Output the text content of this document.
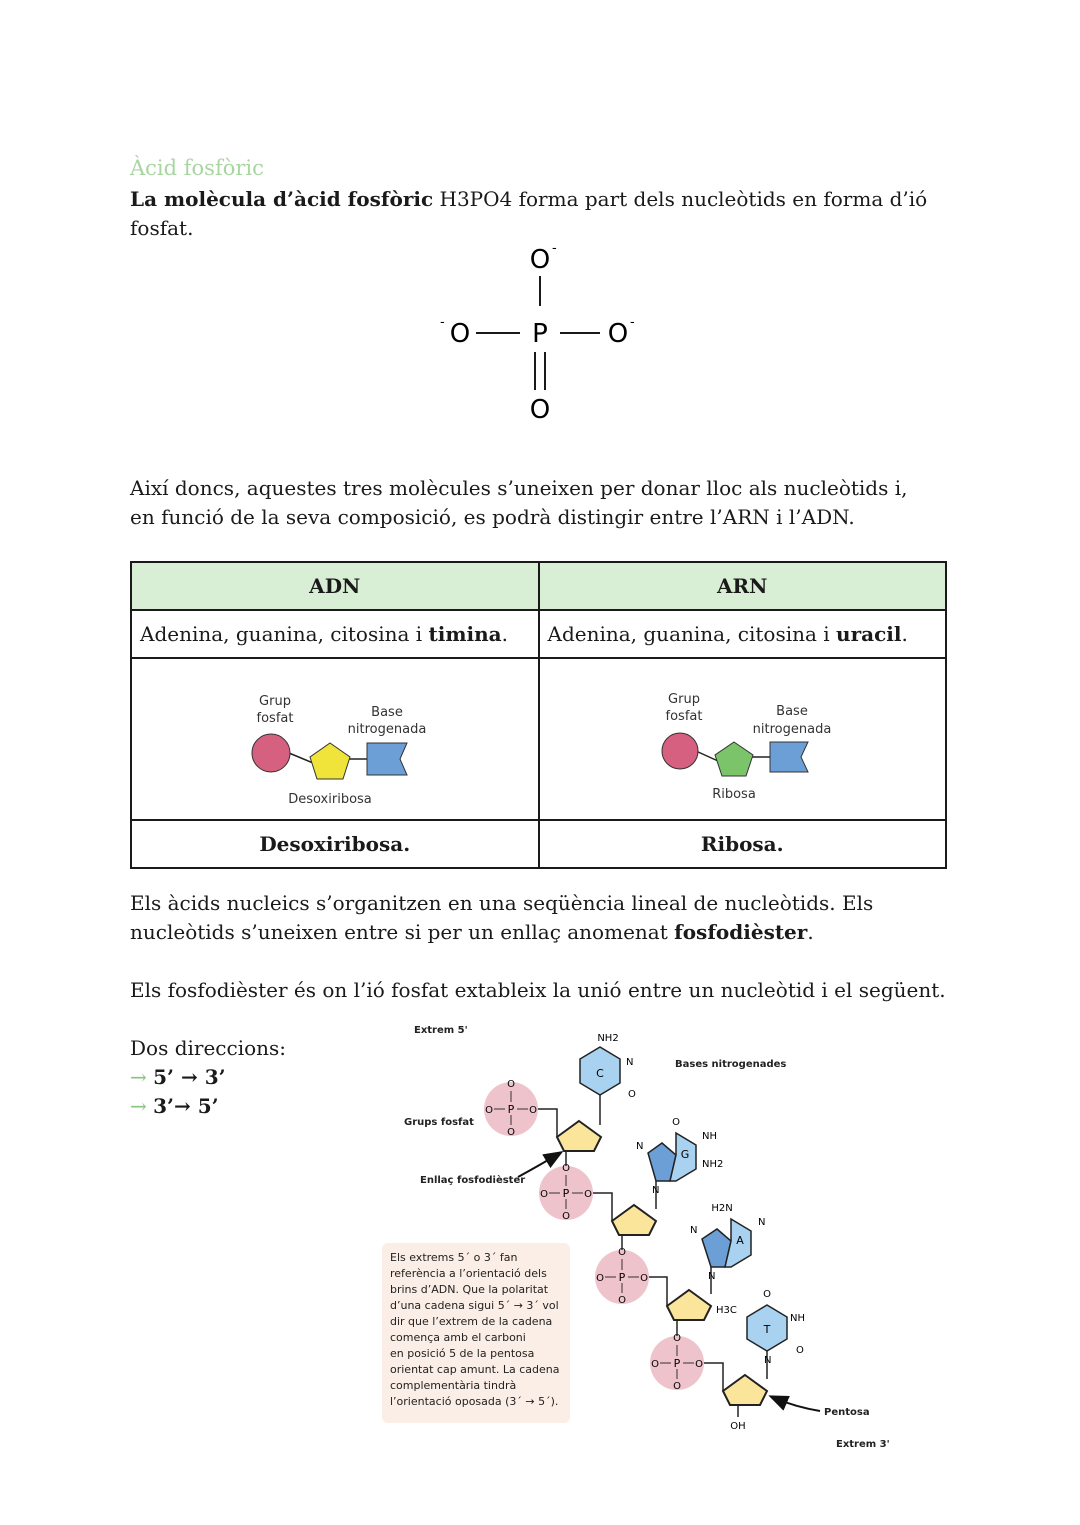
Àcid fosfòric
La molècula d’àcid fosfòric H3PO4 forma part dels nucleòtids en forma d’ió fosfat.
O -
P
O
-	O -
O
Així doncs, aquestes tres molècules s’uneixen per donar lloc als nucleòtids i, en funció de la seva composició, es podrà distingir entre l’ARN i l’ADN.
ADN	ARN
Adenina, guanina, citosina i timina.	Adenina, guanina, citosina i uracil.

Grup
fosfat Base
nitrogenada
Desoxiribosa	Grup
fosfat Base
nitrogenada
Ribosa

Desoxiribosa.	Ribosa.
Els àcids nucleics s’organitzen en una seqüència lineal de nucleòtids. Els nucleòtids s’uneixen entre si per un enllaç anomenat fosfodièster.
Els fosfodièster és on l’ió fosfat extableix la unió entre un nucleòtid i el següent.
Dos direccions:
→ 5’ → 3’
→ 3’→ 5’
Extrem 5'
Bases nitrogenades
Grups fosfat
Enllaç fosfodièster
Pentosa
Extrem 3'
P
O
O
O	O
P
O
O
O	O
P
O
O
O	O
P
O
O
O	O
OH
C
NH2
N
O
G
NH
NH2
O
N
N
A
H2N
N
N
N
T
H3C
NH
O
O
N
Els extrems 5´ o 3´ fan
referència a l’orientació dels
brins d’ADN. Que la polaritat
d’una cadena sigui 5´ → 3´ vol
dir que l’extrem de la cadena
comença amb el carboni
en posició 5 de la pentosa
orientat cap amunt. La cadena
complementària tindrà
l’orientació oposada (3´ → 5´).
